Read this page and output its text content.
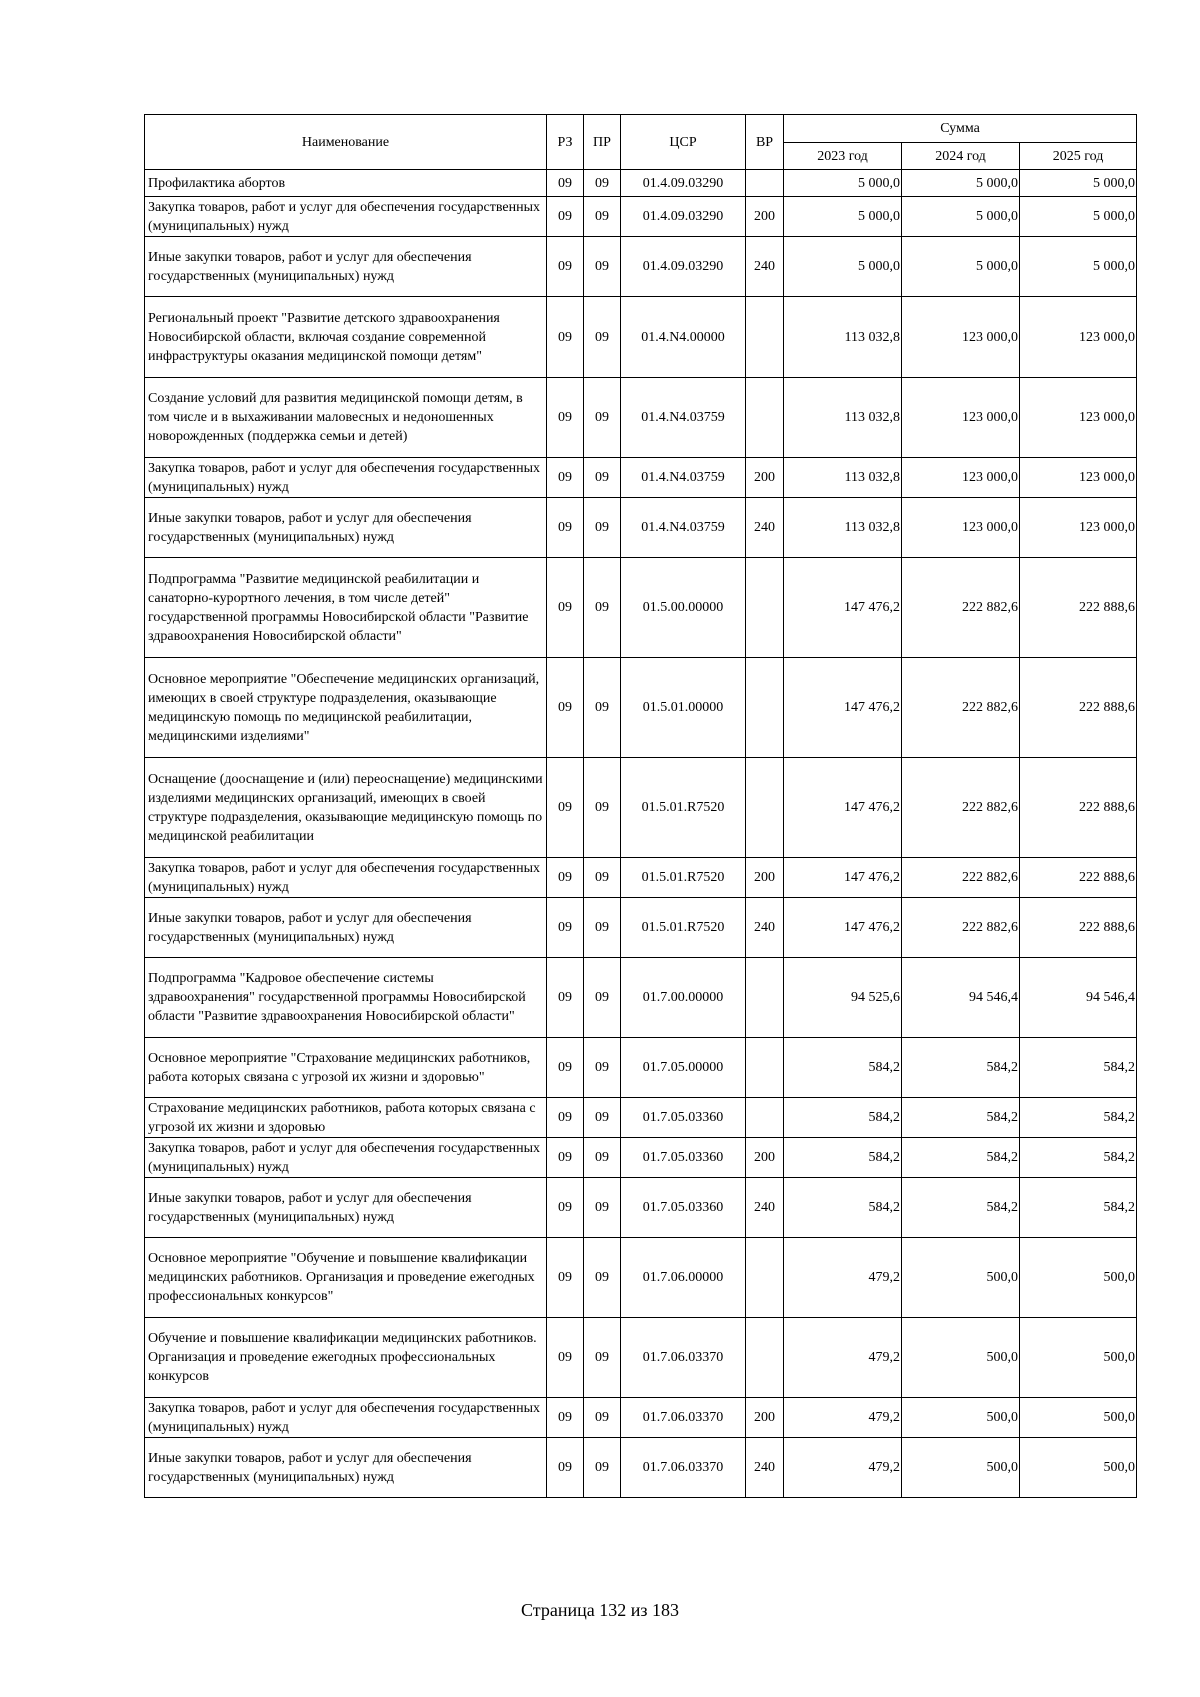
Наименование	РЗ	ПР	ЦСР	ВР	Сумма		
					2023 год	2024 год	2025 год
Профилактика абортов	09	09	01.4.09.03290		5 000,0	5 000,0	5 000,0
Закупка товаров, работ и услуг для обеспечения государственных (муниципальных) нужд	09	09	01.4.09.03290	200	5 000,0	5 000,0	5 000,0
Иные закупки товаров, работ и услуг для обеспечения государственных (муниципальных) нужд	09	09	01.4.09.03290	240	5 000,0	5 000,0	5 000,0
Региональный проект "Развитие детского здравоохранения Новосибирской области, включая создание современной инфраструктуры оказания медицинской помощи детям"	09	09	01.4.N4.00000		113 032,8	123 000,0	123 000,0
Создание условий для развития медицинской помощи детям, в том числе и в выхаживании маловесных и недоношенных новорожденных (поддержка семьи и детей)	09	09	01.4.N4.03759		113 032,8	123 000,0	123 000,0
Закупка товаров, работ и услуг для обеспечения государственных (муниципальных) нужд	09	09	01.4.N4.03759	200	113 032,8	123 000,0	123 000,0
Иные закупки товаров, работ и услуг для обеспечения государственных (муниципальных) нужд	09	09	01.4.N4.03759	240	113 032,8	123 000,0	123 000,0
Подпрограмма "Развитие медицинской реабилитации и санаторно-курортного лечения, в том числе детей" государственной программы Новосибирской области "Развитие здравоохранения Новосибирской области"	09	09	01.5.00.00000		147 476,2	222 882,6	222 888,6
Основное мероприятие "Обеспечение медицинских организаций, имеющих в своей структуре подразделения, оказывающие медицинскую помощь по медицинской реабилитации, медицинскими изделиями"	09	09	01.5.01.00000		147 476,2	222 882,6	222 888,6
Оснащение (дооснащение и (или) переоснащение) медицинскими изделиями медицинских организаций, имеющих в своей структуре подразделения, оказывающие медицинскую помощь по медицинской реабилитации	09	09	01.5.01.R7520		147 476,2	222 882,6	222 888,6
Закупка товаров, работ и услуг для обеспечения государственных (муниципальных) нужд	09	09	01.5.01.R7520	200	147 476,2	222 882,6	222 888,6
Иные закупки товаров, работ и услуг для обеспечения государственных (муниципальных) нужд	09	09	01.5.01.R7520	240	147 476,2	222 882,6	222 888,6
Подпрограмма "Кадровое обеспечение системы здравоохранения" государственной программы Новосибирской области "Развитие здравоохранения Новосибирской области"	09	09	01.7.00.00000		94 525,6	94 546,4	94 546,4
Основное мероприятие "Страхование медицинских работников, работа которых связана с угрозой их жизни и здоровью"	09	09	01.7.05.00000		584,2	584,2	584,2
Страхование медицинских работников, работа которых связана с угрозой их жизни и здоровью	09	09	01.7.05.03360		584,2	584,2	584,2
Закупка товаров, работ и услуг для обеспечения государственных (муниципальных) нужд	09	09	01.7.05.03360	200	584,2	584,2	584,2
Иные закупки товаров, работ и услуг для обеспечения государственных (муниципальных) нужд	09	09	01.7.05.03360	240	584,2	584,2	584,2
Основное мероприятие "Обучение и повышение квалификации медицинских работников. Организация и проведение ежегодных профессиональных конкурсов"	09	09	01.7.06.00000		479,2	500,0	500,0
Обучение и повышение квалификации медицинских работников. Организация и проведение ежегодных профессиональных конкурсов	09	09	01.7.06.03370		479,2	500,0	500,0
Закупка товаров, работ и услуг для обеспечения государственных (муниципальных) нужд	09	09	01.7.06.03370	200	479,2	500,0	500,0
Иные закупки товаров, работ и услуг для обеспечения государственных (муниципальных) нужд	09	09	01.7.06.03370	240	479,2	500,0	500,0
Страница 132 из 183
